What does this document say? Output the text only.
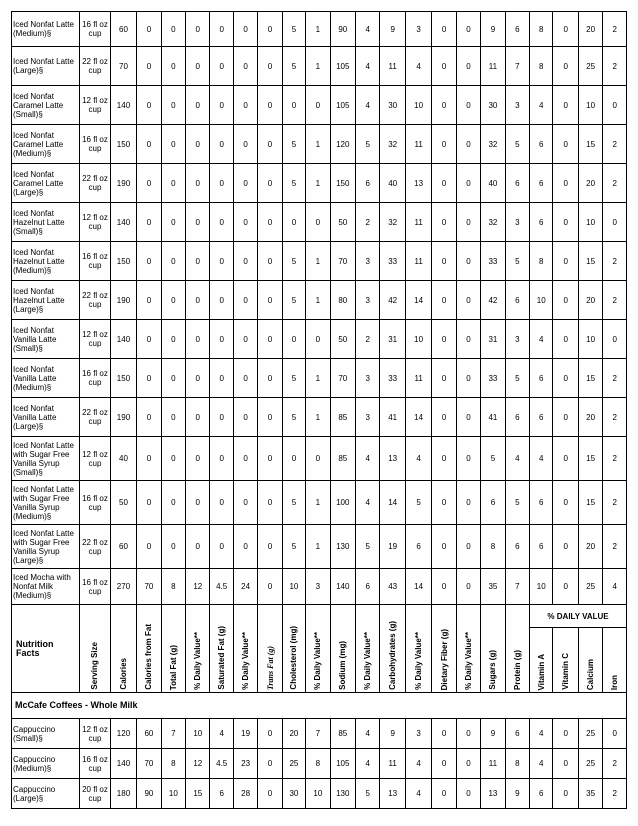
Iced Nonfat Latte (Medium)§	16 fl oz cup	60	0	0	0	0	0	0	5	1	90	4	9	3	0	0	9	6	8	0	20	2
Iced Nonfat Latte (Large)§	22 fl oz cup	70	0	0	0	0	0	0	5	1	105	4	11	4	0	0	11	7	8	0	25	2
Iced Nonfat Caramel Latte (Small)§	12 fl oz cup	140	0	0	0	0	0	0	0	0	105	4	30	10	0	0	30	3	4	0	10	0
Iced Nonfat Caramel Latte (Medium)§	16 fl oz cup	150	0	0	0	0	0	0	5	1	120	5	32	11	0	0	32	5	6	0	15	2
Iced Nonfat Caramel Latte (Large)§	22 fl oz cup	190	0	0	0	0	0	0	5	1	150	6	40	13	0	0	40	6	6	0	20	2
Iced Nonfat Hazelnut Latte (Small)§	12 fl oz cup	140	0	0	0	0	0	0	0	0	50	2	32	11	0	0	32	3	6	0	10	0
Iced Nonfat Hazelnut Latte (Medium)§	16 fl oz cup	150	0	0	0	0	0	0	5	1	70	3	33	11	0	0	33	5	8	0	15	2
Iced Nonfat Hazelnut Latte (Large)§	22 fl oz cup	190	0	0	0	0	0	0	5	1	80	3	42	14	0	0	42	6	10	0	20	2
Iced Nonfat Vanilla Latte (Small)§	12 fl oz cup	140	0	0	0	0	0	0	0	0	50	2	31	10	0	0	31	3	4	0	10	0
Iced Nonfat Vanilla Latte (Medium)§	16 fl oz cup	150	0	0	0	0	0	0	5	1	70	3	33	11	0	0	33	5	6	0	15	2
Iced Nonfat Vanilla Latte (Large)§	22 fl oz cup	190	0	0	0	0	0	0	5	1	85	3	41	14	0	0	41	6	6	0	20	2
Iced Nonfat Latte with Sugar Free Vanilla Syrup (Small)§	12 fl oz cup	40	0	0	0	0	0	0	0	0	85	4	13	4	0	0	5	4	4	0	15	2
Iced Nonfat Latte with Sugar Free Vanilla Syrup (Medium)§	16 fl oz cup	50	0	0	0	0	0	0	5	1	100	4	14	5	0	0	6	5	6	0	15	2
Iced Nonfat Latte with Sugar Free Vanilla Syrup (Large)§	22 fl oz cup	60	0	0	0	0	0	0	5	1	130	5	19	6	0	0	8	6	6	0	20	2
Iced Mocha with Nonfat Milk (Medium)§	16 fl oz cup	270	70	8	12	4.5	24	0	10	3	140	6	43	14	0	0	35	7	10	0	25	4
Nutrition Facts	Serving Size	Calories	Calories from Fat	Total Fat (g)	% Daily Value**	Saturated Fat (g)	% Daily Value**	Trans Fat (g)	Cholesterol (mg)	% Daily Value**	Sodium (mg)	% Daily Value**	Carbohydrates (g)	% Daily Value**	Dietary Fiber (g)	% Daily Value**	Sugars (g)	Protein (g)	% DAILY VALUE			
																			Vitamin A	Vitamin C	Calcium	Iron
McCafe Coffees - Whole Milk																						
Cappuccino (Small)§	12 fl oz cup	120	60	7	10	4	19	0	20	7	85	4	9	3	0	0	9	6	4	0	25	0
Cappuccino (Medium)§	16 fl oz cup	140	70	8	12	4.5	23	0	25	8	105	4	11	4	0	0	11	8	4	0	25	2
Cappuccino (Large)§	20 fl oz cup	180	90	10	15	6	28	0	30	10	130	5	13	4	0	0	13	9	6	0	35	2
